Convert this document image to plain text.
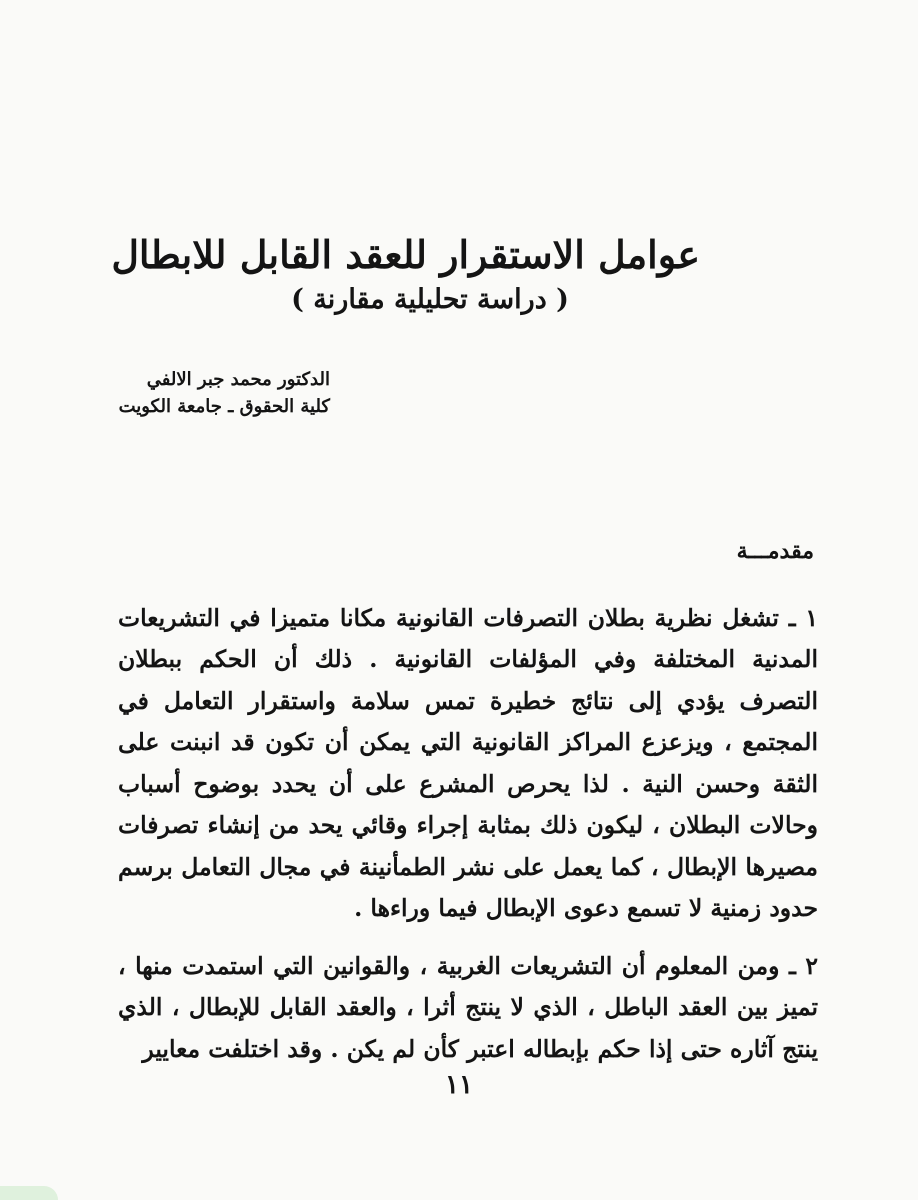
عوامل الاستقرار للعقد القابل للابطال
( دراسة تحليلية مقارنة )
الدكتور محمد جبر الالفي
كلية الحقوق ـ جامعة الكويت
مقدمـــة

١ ـ تشغل نظرية بطلان التصرفات القانونية مكانا متميزا في التشريعات المدنية المختلفة وفي المؤلفات القانونية . ذلك أن الحكم ببطلان التصرف يؤدي إلى نتائج خطيرة تمس سلامة واستقرار التعامل في المجتمع ، ويزعزع المراكز القانونية التي يمكن أن تكون قد انبنت على الثقة وحسن النية . لذا يحرص المشرع على أن يحدد بوضوح أسباب وحالات البطلان ، ليكون ذلك بمثابة إجراء وقائي يحد من إنشاء تصرفات مصيرها الإبطال ، كما يعمل على نشر الطمأنينة في مجال التعامل برسم حدود زمنية لا تسمع دعوى الإبطال فيما وراءها .

٢ ـ ومن المعلوم أن التشريعات الغربية ، والقوانين التي استمدت منها ، تميز بين العقد الباطل ، الذي لا ينتج أثرا ، والعقد القابل للإبطال ، الذي ينتج آثاره حتى إذا حكم بإبطاله اعتبر كأن لم يكن . وقد اختلفت معايير

١١
